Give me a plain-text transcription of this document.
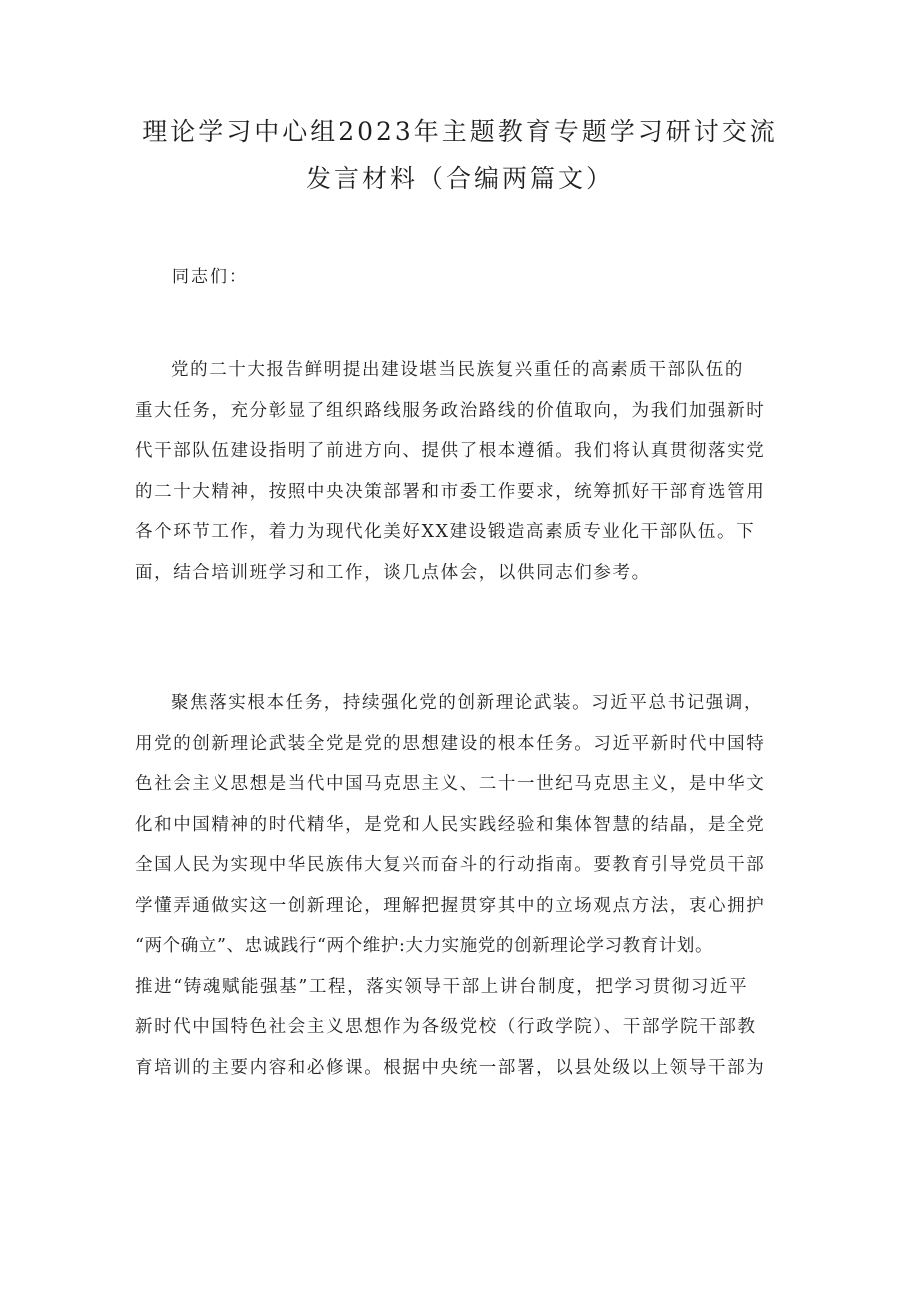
理论学习中心组2023年主题教育专题学习研讨交流
发言材料（合编两篇文）
同志们：
党的二十大报告鲜明提出建设堪当民族复兴重任的高素质干部队伍的
重大任务，充分彰显了组织路线服务政治路线的价值取向，为我们加强新时
代干部队伍建设指明了前进方向、提供了根本遵循。我们将认真贯彻落实党
的二十大精神，按照中央决策部署和市委工作要求，统筹抓好干部育选管用
各个环节工作，着力为现代化美好XX建设锻造高素质专业化干部队伍。下
面，结合培训班学习和工作，谈几点体会，以供同志们参考。
聚焦落实根本任务，持续强化党的创新理论武装。习近平总书记强调，
用党的创新理论武装全党是党的思想建设的根本任务。习近平新时代中国特
色社会主义思想是当代中国马克思主义、二十一世纪马克思主义，是中华文
化和中国精神的时代精华，是党和人民实践经验和集体智慧的结晶，是全党
全国人民为实现中华民族伟大复兴而奋斗的行动指南。要教育引导党员干部
学懂弄通做实这一创新理论，理解把握贯穿其中的立场观点方法，衷心拥护
“两个确立”、忠诚践行“两个维护:大力实施党的创新理论学习教育计划。
推进“铸魂赋能强基”工程，落实领导干部上讲台制度，把学习贯彻习近平
新时代中国特色社会主义思想作为各级党校（行政学院）、干部学院干部教
育培训的主要内容和必修课。根据中央统一部署，以县处级以上领导干部为
